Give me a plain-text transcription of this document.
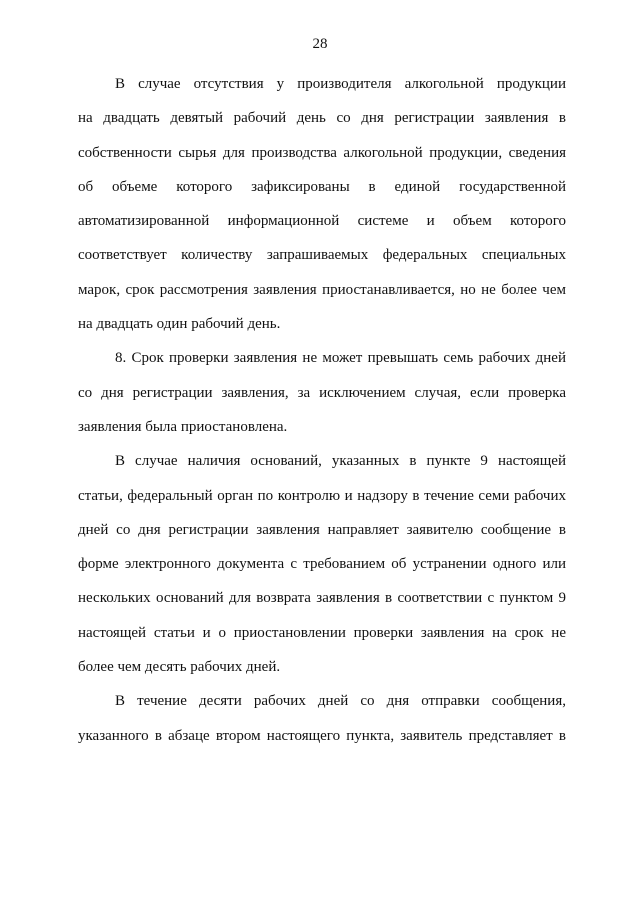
28
В случае отсутствия у производителя алкогольной продукции
на двадцать девятый рабочий день со дня регистрации заявления в
собственности сырья для производства алкогольной продукции, сведения
об объеме которого зафиксированы в единой государственной
автоматизированной информационной системе и объем которого
соответствует количеству запрашиваемых федеральных специальных
марок, срок рассмотрения заявления приостанавливается, но не более чем
на двадцать один рабочий день.
8. Срок проверки заявления не может превышать семь рабочих дней
со дня регистрации заявления, за исключением случая, если проверка
заявления была приостановлена.
В случае наличия оснований, указанных в пункте 9 настоящей
статьи, федеральный орган по контролю и надзору в течение семи рабочих
дней со дня регистрации заявления направляет заявителю сообщение в
форме электронного документа с требованием об устранении одного или
нескольких оснований для возврата заявления в соответствии с пунктом 9
настоящей статьи и о приостановлении проверки заявления на срок не
более чем десять рабочих дней.
В течение десяти рабочих дней со дня отправки сообщения,
указанного в абзаце втором настоящего пункта, заявитель представляет в
